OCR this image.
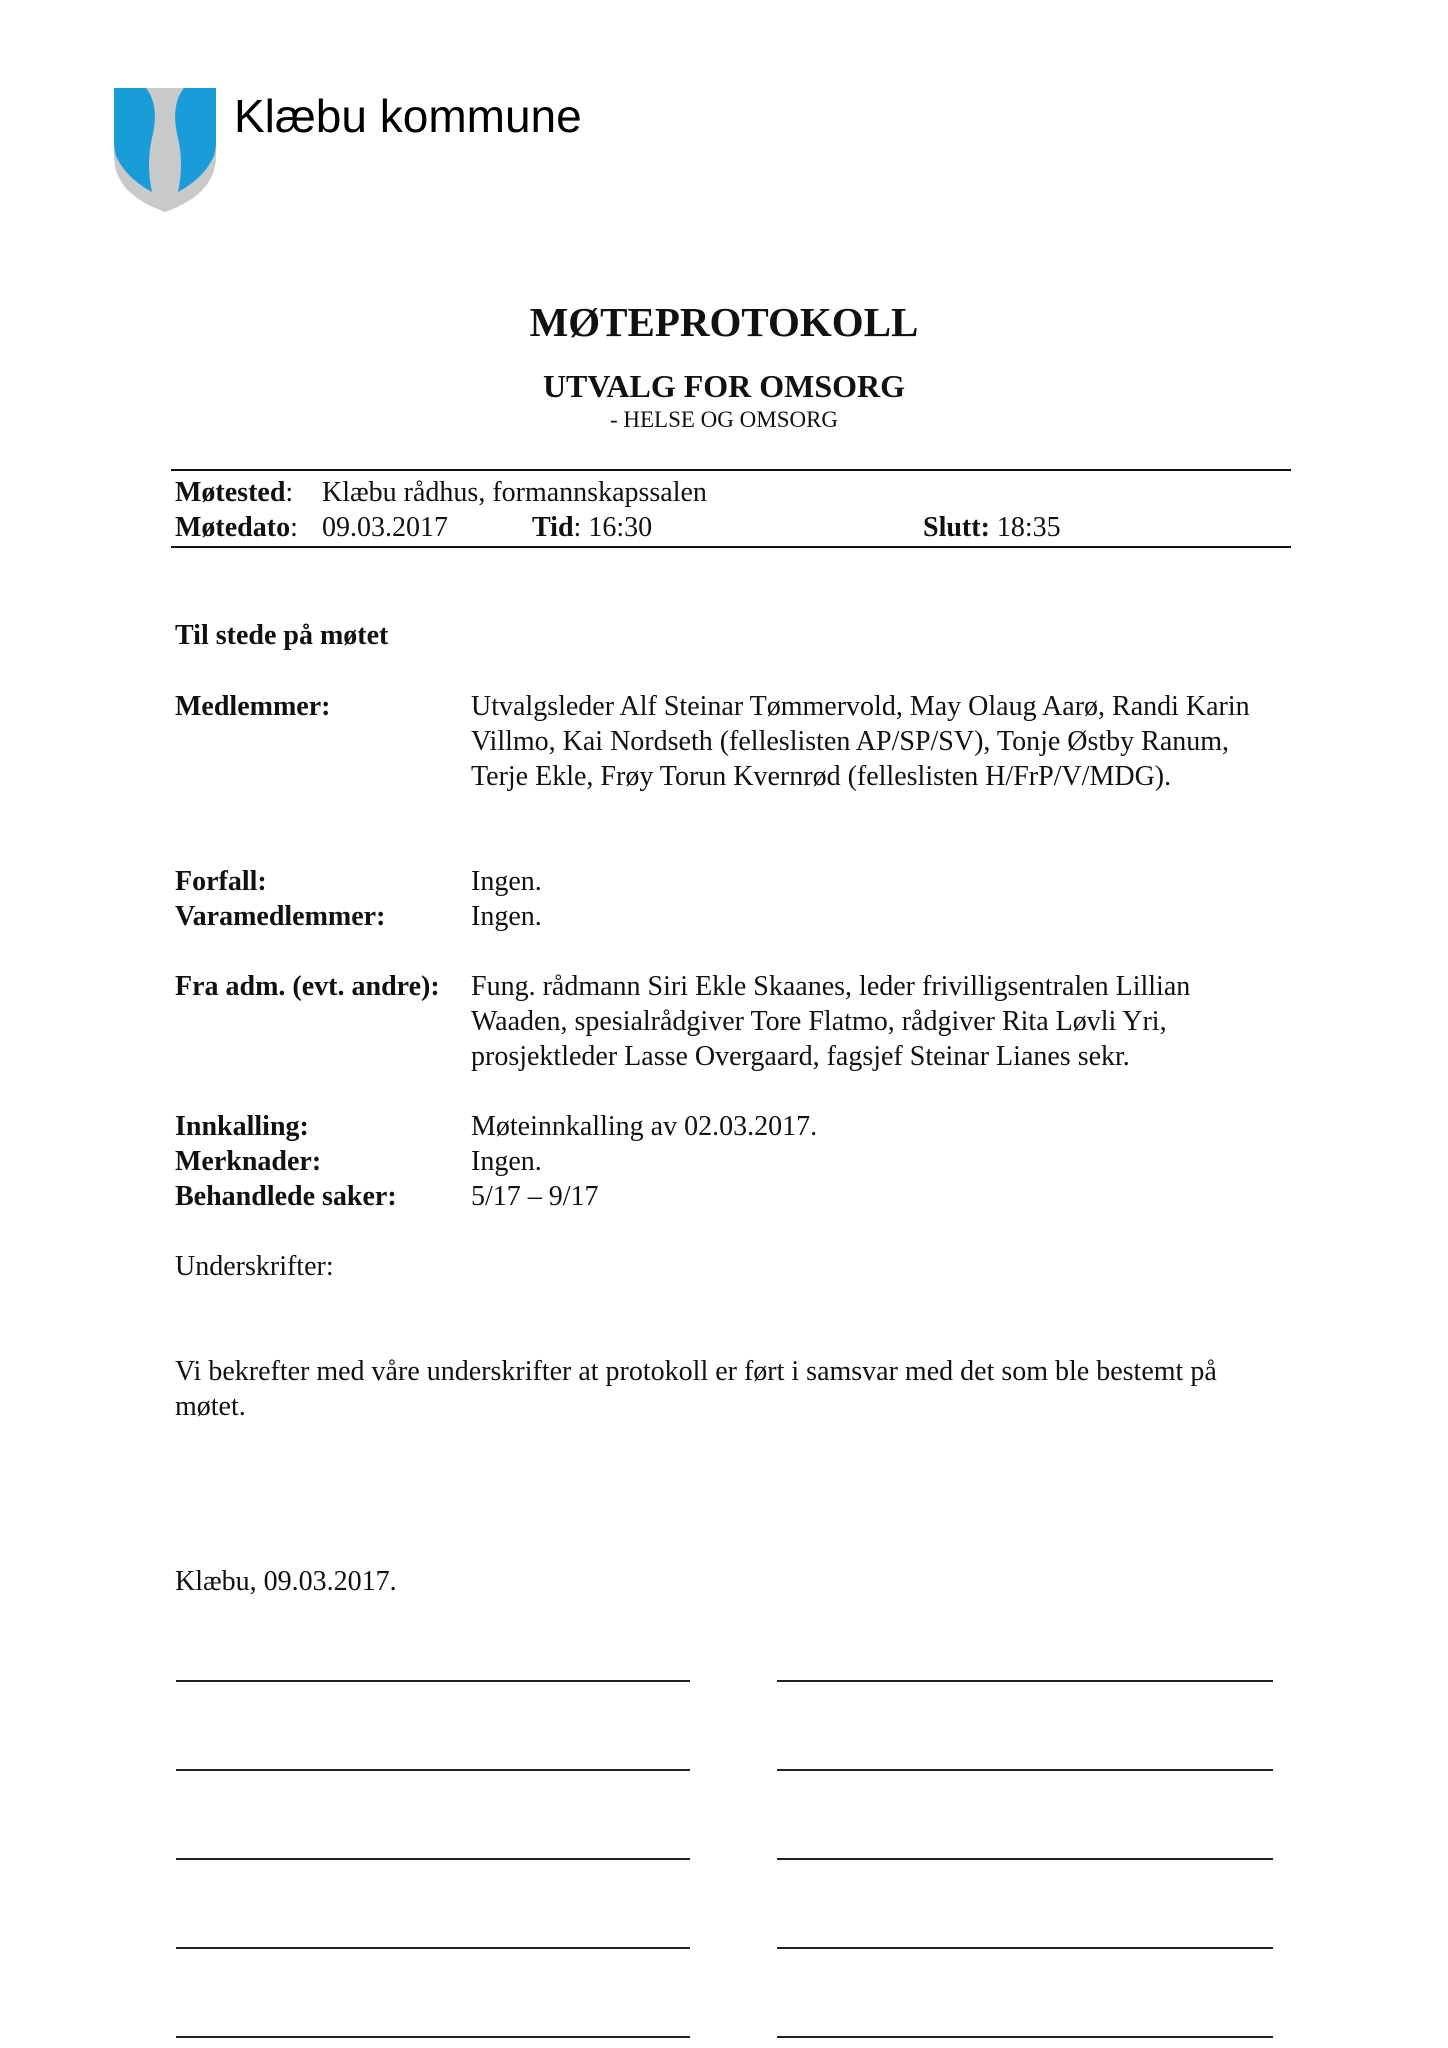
Klæbu kommune
MØTEPROTOKOLL
UTVALG FOR OMSORG
- HELSE OG OMSORG
Møtested: Klæbu rådhus, formannskapssalen
Møtedato: 09.03.2017	Tid: 16:30	Slutt: 18:35
Til stede på møtet
Medlemmer:	Utvalgsleder Alf Steinar Tømmervold, May Olaug Aarø, Randi Karin Villmo, Kai Nordseth (felleslisten AP/SP/SV), Tonje Østby Ranum, Terje Ekle, Frøy Torun Kvernrød (felleslisten H/FrP/V/MDG).
Forfall:	Ingen.
Varamedlemmer:	Ingen.
Fra adm. (evt. andre): Fung. rådmann Siri Ekle Skaanes, leder frivilligsentralen Lillian Waaden, spesialrådgiver Tore Flatmo, rådgiver Rita Løvli Yri, prosjektleder Lasse Overgaard, fagsjef Steinar Lianes sekr.
Innkalling:	Møteinnkalling av 02.03.2017.
Merknader:	Ingen.
Behandlede saker:	5/17 – 9/17
Underskrifter:
Vi bekrefter med våre underskrifter at protokoll er ført i samsvar med det som ble bestemt på møtet.
Klæbu, 09.03.2017.
